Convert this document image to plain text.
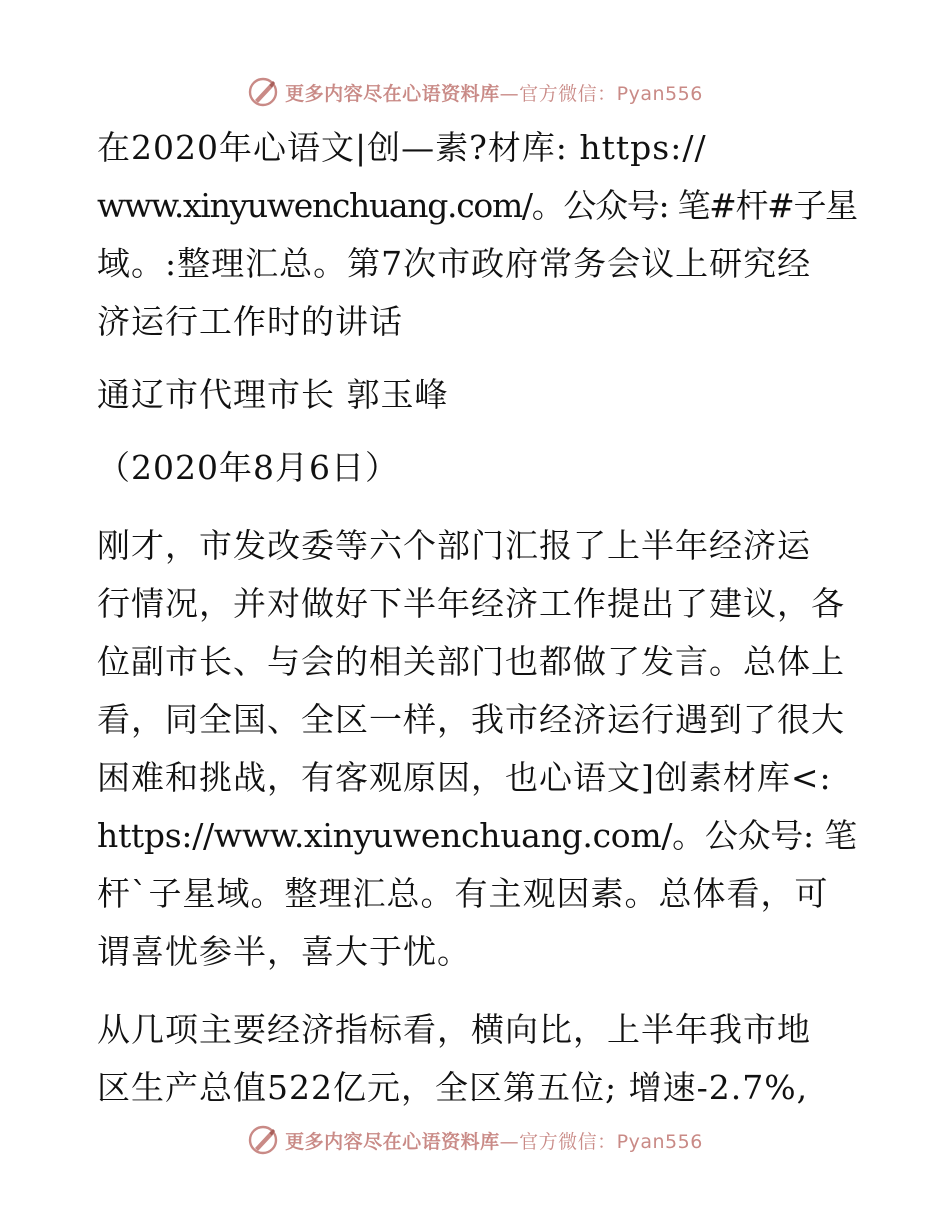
更多内容尽在心语资料库—官方微信：Pyan556
在2020年心语文|创—素?材库: https://
www.xinyuwenchuang.com/。公众号: 笔#杆#子星
域。:整理汇总。第7次市政府常务会议上研究经
济运行工作时的讲话
通辽市代理市长 郭玉峰
（2020年8月6日）
刚才，市发改委等六个部门汇报了上半年经济运
行情况，并对做好下半年经济工作提出了建议，各
位副市长、与会的相关部门也都做了发言。总体上
看，同全国、全区一样，我市经济运行遇到了很大
困难和挑战，有客观原因，也心语文]创素材库<:
https://www.xinyuwenchuang.com/。公众号: 笔
杆`子星域。整理汇总。有主观因素。总体看，可
谓喜忧参半，喜大于忧。
从几项主要经济指标看，横向比，上半年我市地
区生产总值522亿元，全区第五位; 增速-2.7%,
更多内容尽在心语资料库—官方微信：Pyan556
